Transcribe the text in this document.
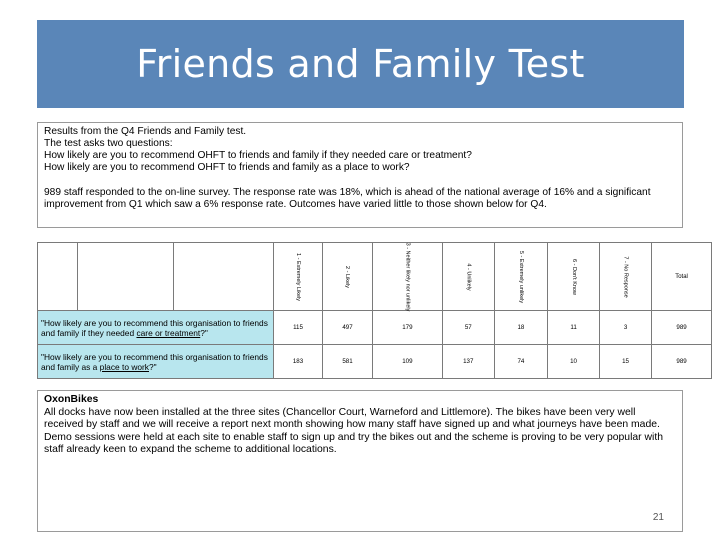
Friends and Family Test

Results from the Q4 Friends and Family test.

The test asks two questions:

How likely are you to recommend OHFT to friends and family if they needed care or treatment?

How likely are you to recommend OHFT to friends and family as a place to work?

989 staff responded to the on-line survey. The response rate was 18%, which is ahead of the national average of 16% and a significant improvement from Q1 which saw a 6% response rate. Outcomes have varied little to those shown below for Q4.

			1 - Extremely Likely	2 - Likely	3 - Neither likely nor unlikely	4 - Unlikely	5 - Extremely unlikely	6 - Don't Know	7 - No Response	Total
"How likely are you to recommend this organisation to friends and family if they needed care or treatment?"			115	497	179	57	18	11	3	989
"How likely are you to recommend this organisation to friends and family as a place to work?"			183	581	109	137	74	10	15	989

OxonBikes

All docks have now been installed at the three sites (Chancellor Court, Warneford and Littlemore). The bikes have been very well received by staff and we will receive a report next month showing how many staff have signed up and what journeys have been made. Demo sessions were held at each site to enable staff to sign up and try the bikes out and the scheme is proving to be very popular with staff already keen to expand the scheme to additional locations.

21
